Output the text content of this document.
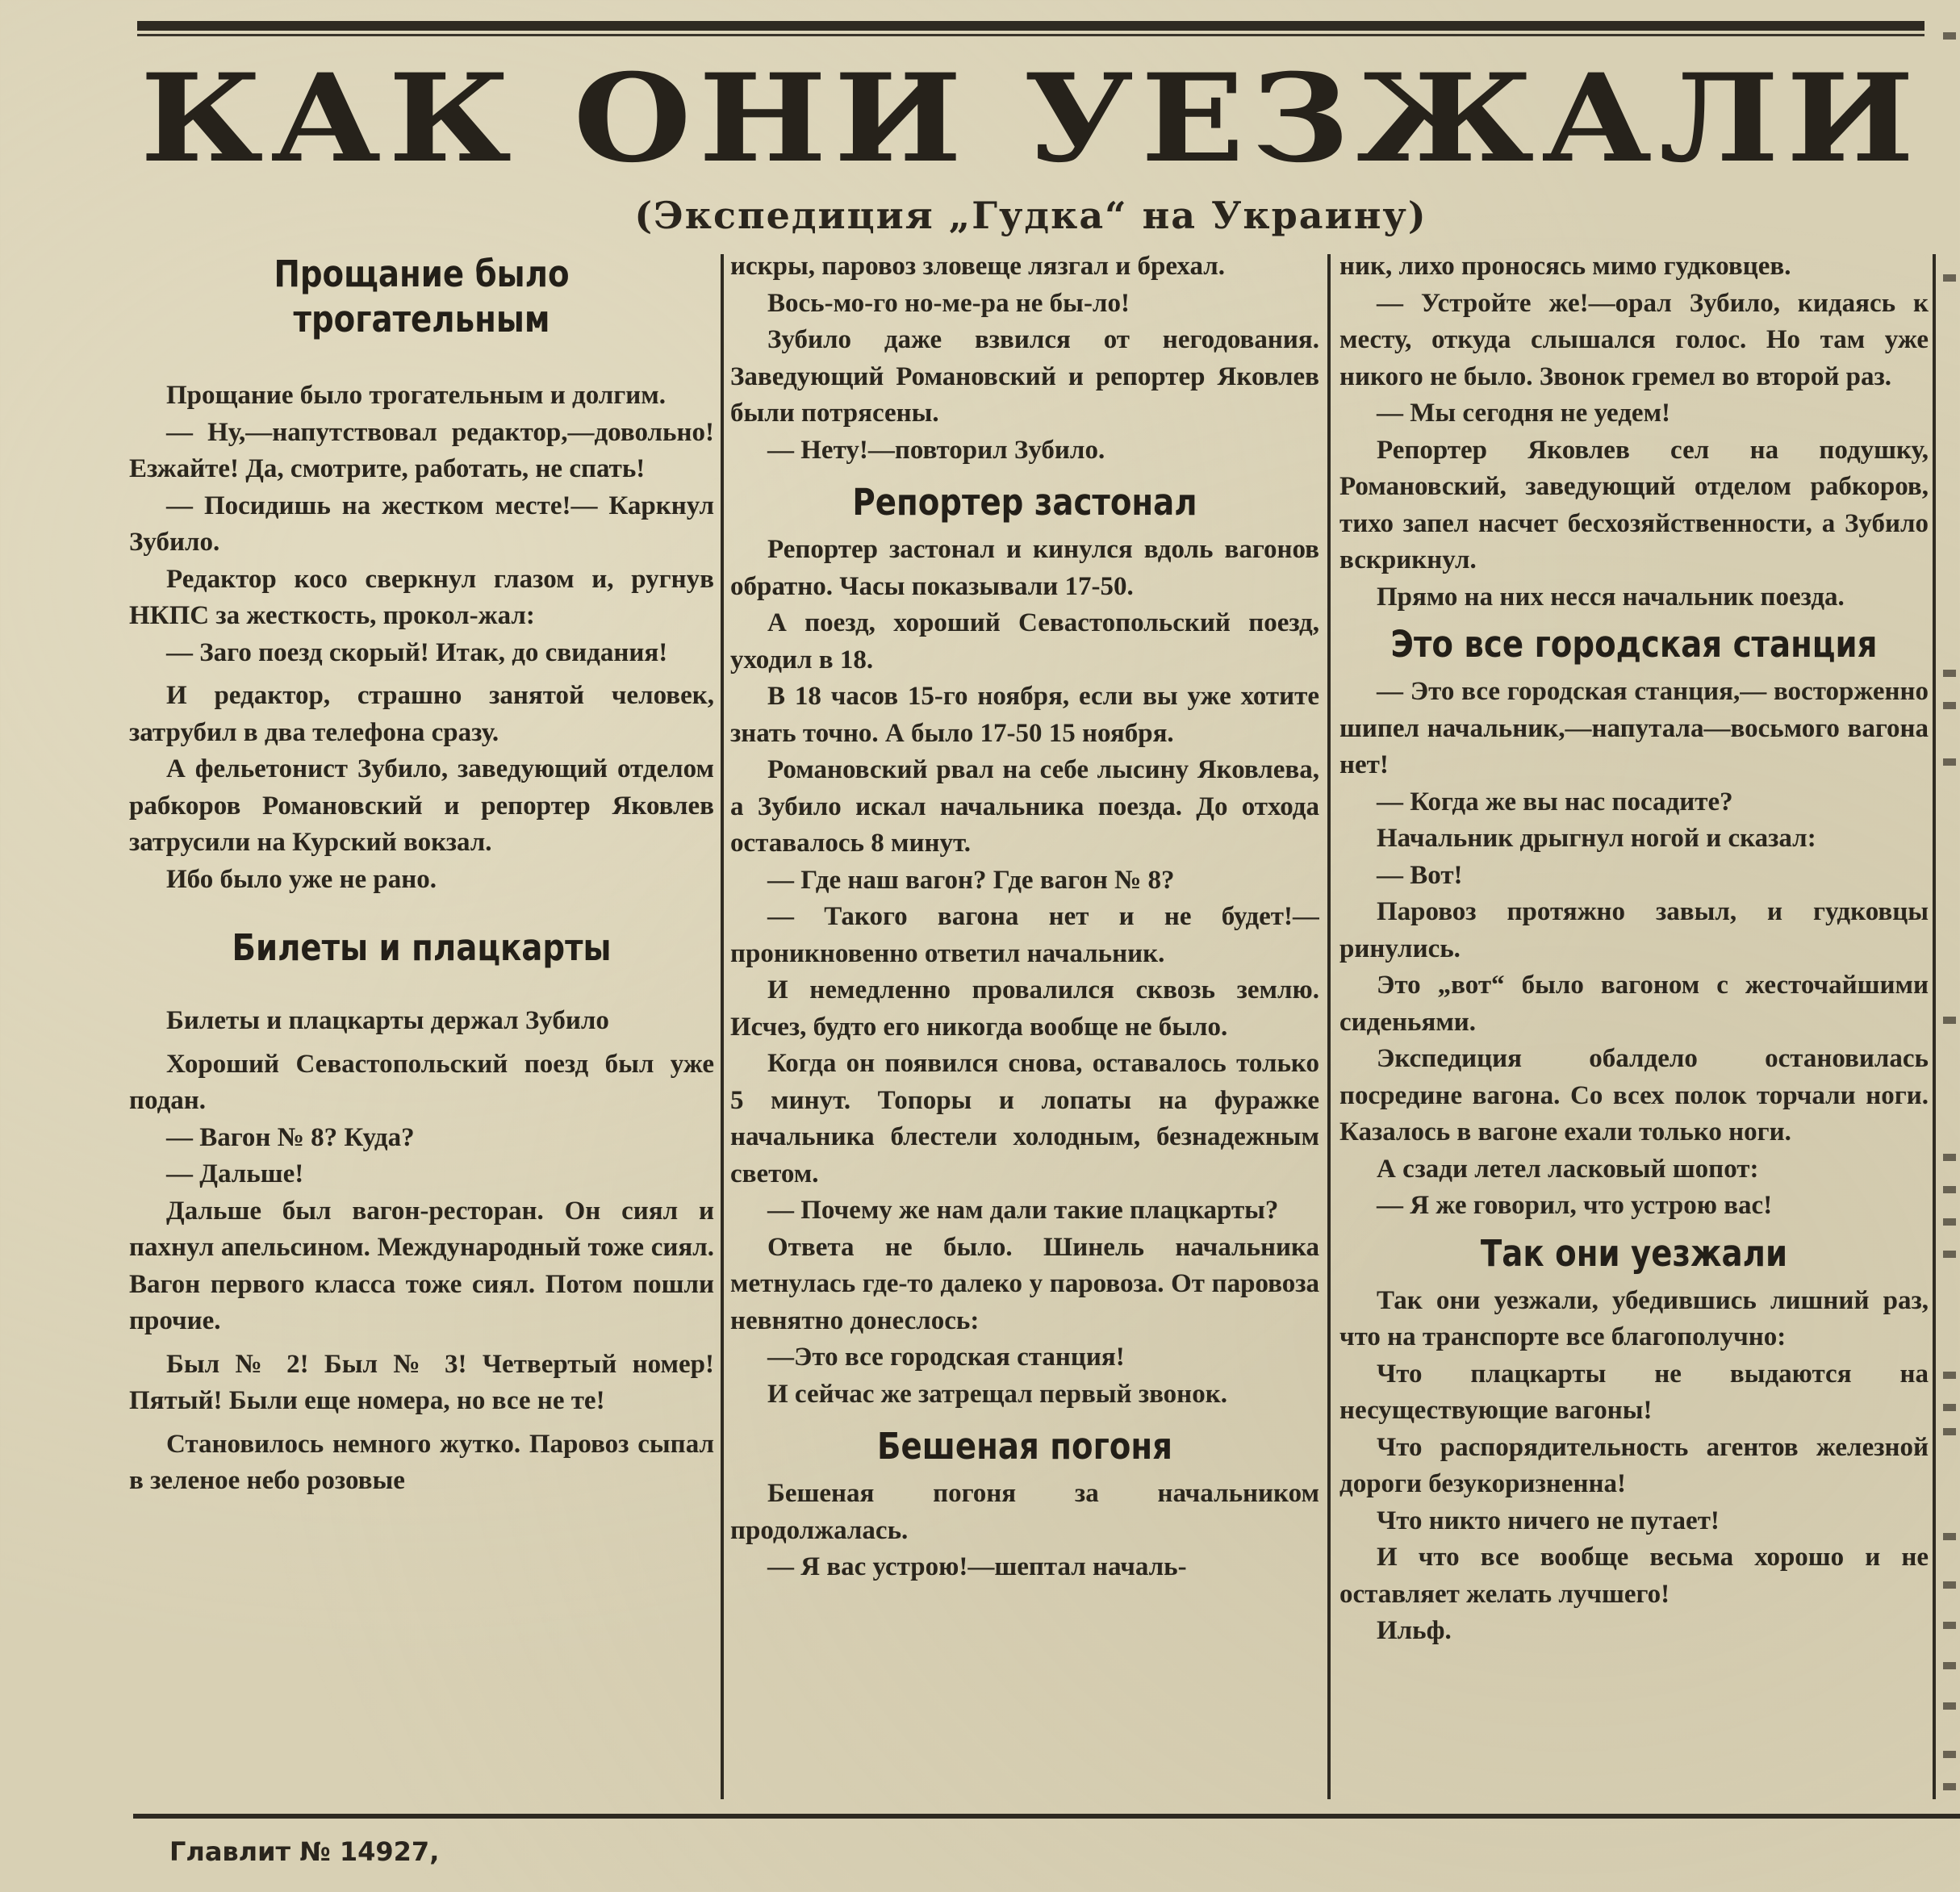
КАК ОНИ УЕЗЖАЛИ
(Экспедиция „Гудка“ на Украину)
Прощание было трогательным

Прощание было трогательным и долгим.

— Ну,—напутствовал редактор,—довольно! Езжайте! Да, смотрите, работать, не спать!

— Посидишь на жестком месте!— Каркнул Зубило.

Редактор косо сверкнул глазом и, ругнув НКПС за жесткость, прокол-жал:

— Заго поезд скорый! Итак, до свидания!

И редактор, страшно занятой человек, затрубил в два телефона сразу.

А фельетонист Зубило, заведующий отделом рабкоров Романовский и репортер Яковлев затрусили на Курский вокзал.

Ибо было уже не рано.

Билеты и плацкарты

Билеты и плацкарты держал Зубило

Хороший Севастопольский поезд был уже подан.

— Вагон № 8? Куда?

— Дальше!

Дальше был вагон-ресторан. Он сиял и пахнул апельсином. Международный тоже сиял. Вагон первого класса тоже сиял. Потом пошли прочие.

Был № 2! Был № 3! Четвертый номер! Пятый! Были еще номера, но все не те!

Становилось немного жутко. Паровоз сыпал в зеленое небо розовые

искры, паровоз зловеще лязгал и брехал.

Вось-мо-го но-ме-ра не бы-ло!

Зубило даже взвился от негодования. Заведующий Романовский и репортер Яковлев были потрясены.

— Нету!—повторил Зубило.

Репортер застонал

Репортер застонал и кинулся вдоль вагонов обратно. Часы показывали 17-50.

А поезд, хороший Севастопольский поезд, уходил в 18.

В 18 часов 15-го ноября, если вы уже хотите знать точно. А было 17-50 15 ноября.

Романовский рвал на себе лысину Яковлева, а Зубило искал начальника поезда. До отхода оставалось 8 минут.

— Где наш вагон? Где вагон № 8?

— Такого вагона нет и не будет!— проникновенно ответил начальник.

И немедленно провалился сквозь землю. Исчез, будто его никогда вообще не было.

Когда он появился снова, оставалось только 5 минут. Топоры и лопаты на фуражке начальника блестели холодным, безнадежным светом.

— Почему же нам дали такие плацкарты?

Ответа не было. Шинель начальника метнулась где-то далеко у паровоза. От паровоза невнятно донеслось:

—Это все городская станция!

И сейчас же затрещал первый звонок.

Бешеная погоня

Бешеная погоня за начальником продолжалась.

— Я вас устрою!—шептал началь-

ник, лихо проносясь мимо гудковцев.

— Устройте же!—орал Зубило, кидаясь к месту, откуда слышался голос. Но там уже никого не было. Звонок гремел во второй раз.

— Мы сегодня не уедем!

Репортер Яковлев сел на подушку, Романовский, заведующий отделом рабкоров, тихо запел насчет бесхозяйственности, а Зубило вскрикнул.

Прямо на них несся начальник поезда.

Это все городская станция

— Это все городская станция,— восторженно шипел начальник,—напутала—восьмого вагона нет!

— Когда же вы нас посадите?

Начальник дрыгнул ногой и сказал:

— Вот!

Паровоз протяжно завыл, и гудковцы ринулись.

Это „вот“ было вагоном с жесточайшими сиденьями.

Экспедиция обалдело остановилась посредине вагона. Со всех полок торчали ноги. Казалось в вагоне ехали только ноги.

А сзади летел ласковый шопот:

— Я же говорил, что устрою вас!

Так они уезжали

Так они уезжали, убедившись лишний раз, что на транспорте все благополучно:

Что плацкарты не выдаются на несуществующие вагоны!

Что распорядительность агентов железной дороги безукоризненна!

Что никто ничего не путает!

И что все вообще весьма хорошо и не оставляет желать лучшего!

Ильф.

Главлит № 14927,
